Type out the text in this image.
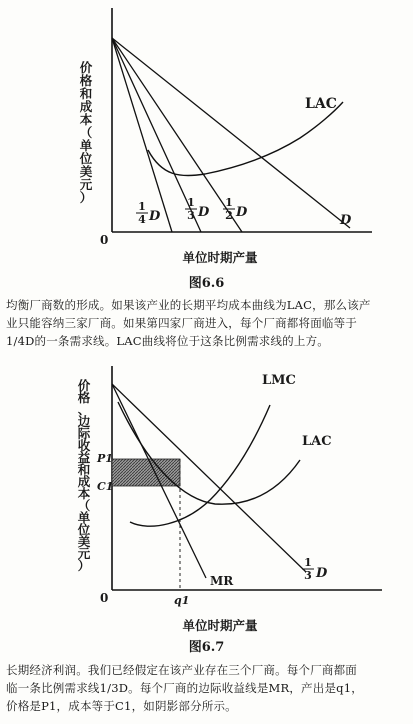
价
格
和
成
本
（
单
位
美
元
）
0
单位时期产量
LAC
1
4 D
1
3 D
1
2 D
D
价
格
、
边
际
收
益
和
成
本
（
单
位
美
元
）
0
单位时期产量
P1
C1
q1
LMC
LAC
MR
1
3 D
图6.6
均衡厂商数的形成。如果该产业的长期平均成本曲线为LAC，那么该产
业只能容纳三家厂商。如果第四家厂商进入，每个厂商都将面临等于
1/4D的一条需求线。LAC曲线将位于这条比例需求线的上方。
图6.7
长期经济利润。我们已经假定在该产业存在三个厂商。每个厂商都面
临一条比例需求线1/3D。每个厂商的边际收益线是MR，产出是q1，
价格是P1，成本等于C1，如阴影部分所示。
